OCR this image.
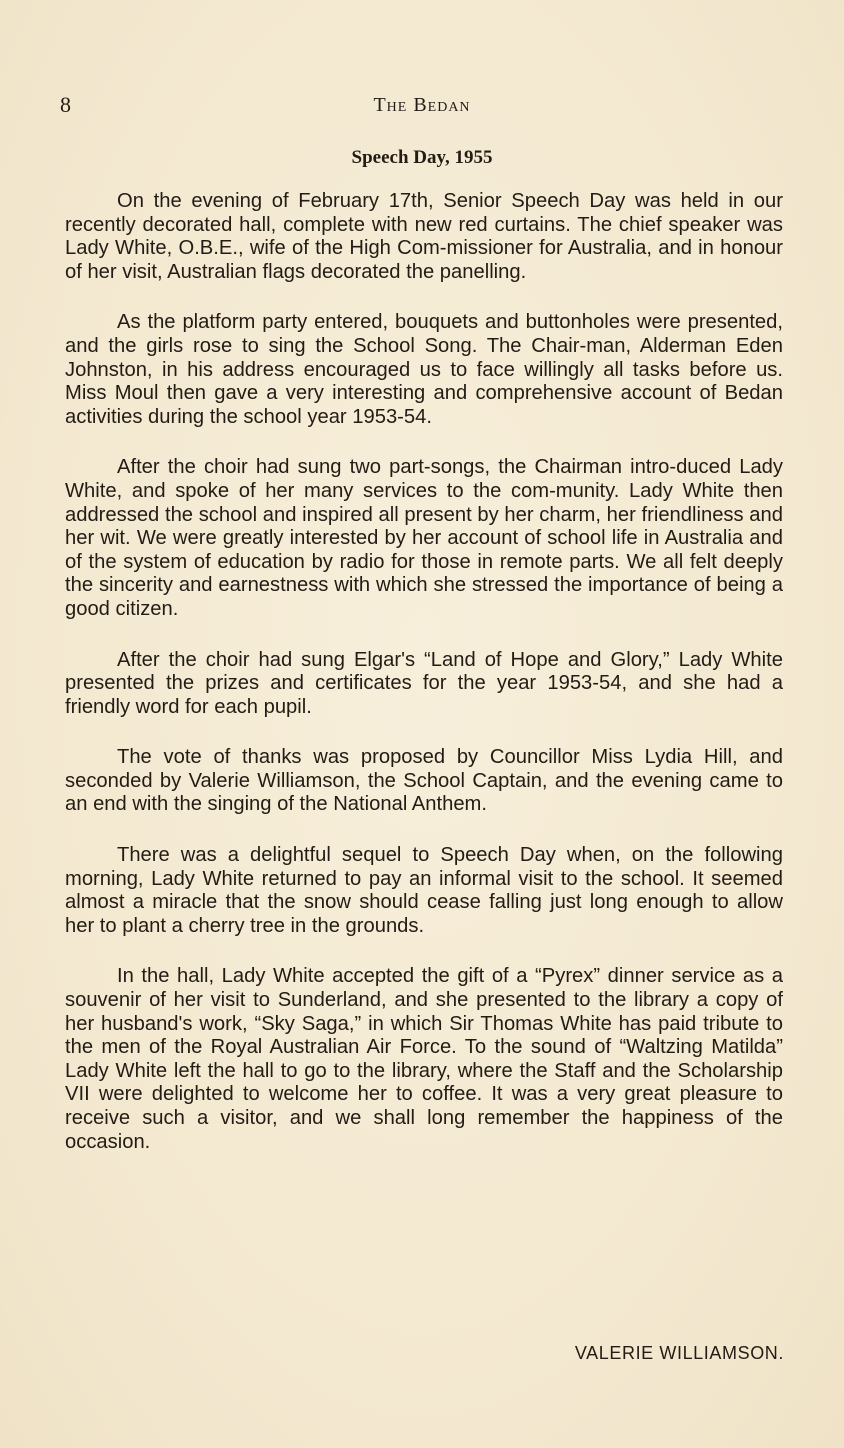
8	The Bedan
Speech Day, 1955

On the evening of February 17th, Senior Speech Day was held in our recently decorated hall, complete with new red curtains. The chief speaker was Lady White, O.B.E., wife of the High Com-missioner for Australia, and in honour of her visit, Australian flags decorated the panelling.

As the platform party entered, bouquets and buttonholes were presented, and the girls rose to sing the School Song. The Chair-man, Alderman Eden Johnston, in his address encouraged us to face willingly all tasks before us. Miss Moul then gave a very interesting and comprehensive account of Bedan activities during the school year 1953-54.

After the choir had sung two part-songs, the Chairman intro-duced Lady White, and spoke of her many services to the com-munity. Lady White then addressed the school and inspired all present by her charm, her friendliness and her wit. We were greatly interested by her account of school life in Australia and of the system of education by radio for those in remote parts. We all felt deeply the sincerity and earnestness with which she stressed the importance of being a good citizen.

After the choir had sung Elgar's “Land of Hope and Glory,” Lady White presented the prizes and certificates for the year 1953-54, and she had a friendly word for each pupil.

The vote of thanks was proposed by Councillor Miss Lydia Hill, and seconded by Valerie Williamson, the School Captain, and the evening came to an end with the singing of the National Anthem.

There was a delightful sequel to Speech Day when, on the following morning, Lady White returned to pay an informal visit to the school. It seemed almost a miracle that the snow should cease falling just long enough to allow her to plant a cherry tree in the grounds.

In the hall, Lady White accepted the gift of a “Pyrex” dinner service as a souvenir of her visit to Sunderland, and she presented to the library a copy of her husband's work, “Sky Saga,” in which Sir Thomas White has paid tribute to the men of the Royal Australian Air Force. To the sound of “Waltzing Matilda” Lady White left the hall to go to the library, where the Staff and the Scholarship VII were delighted to welcome her to coffee. It was a very great pleasure to receive such a visitor, and we shall long remember the happiness of the occasion.

VALERIE WILLIAMSON.
